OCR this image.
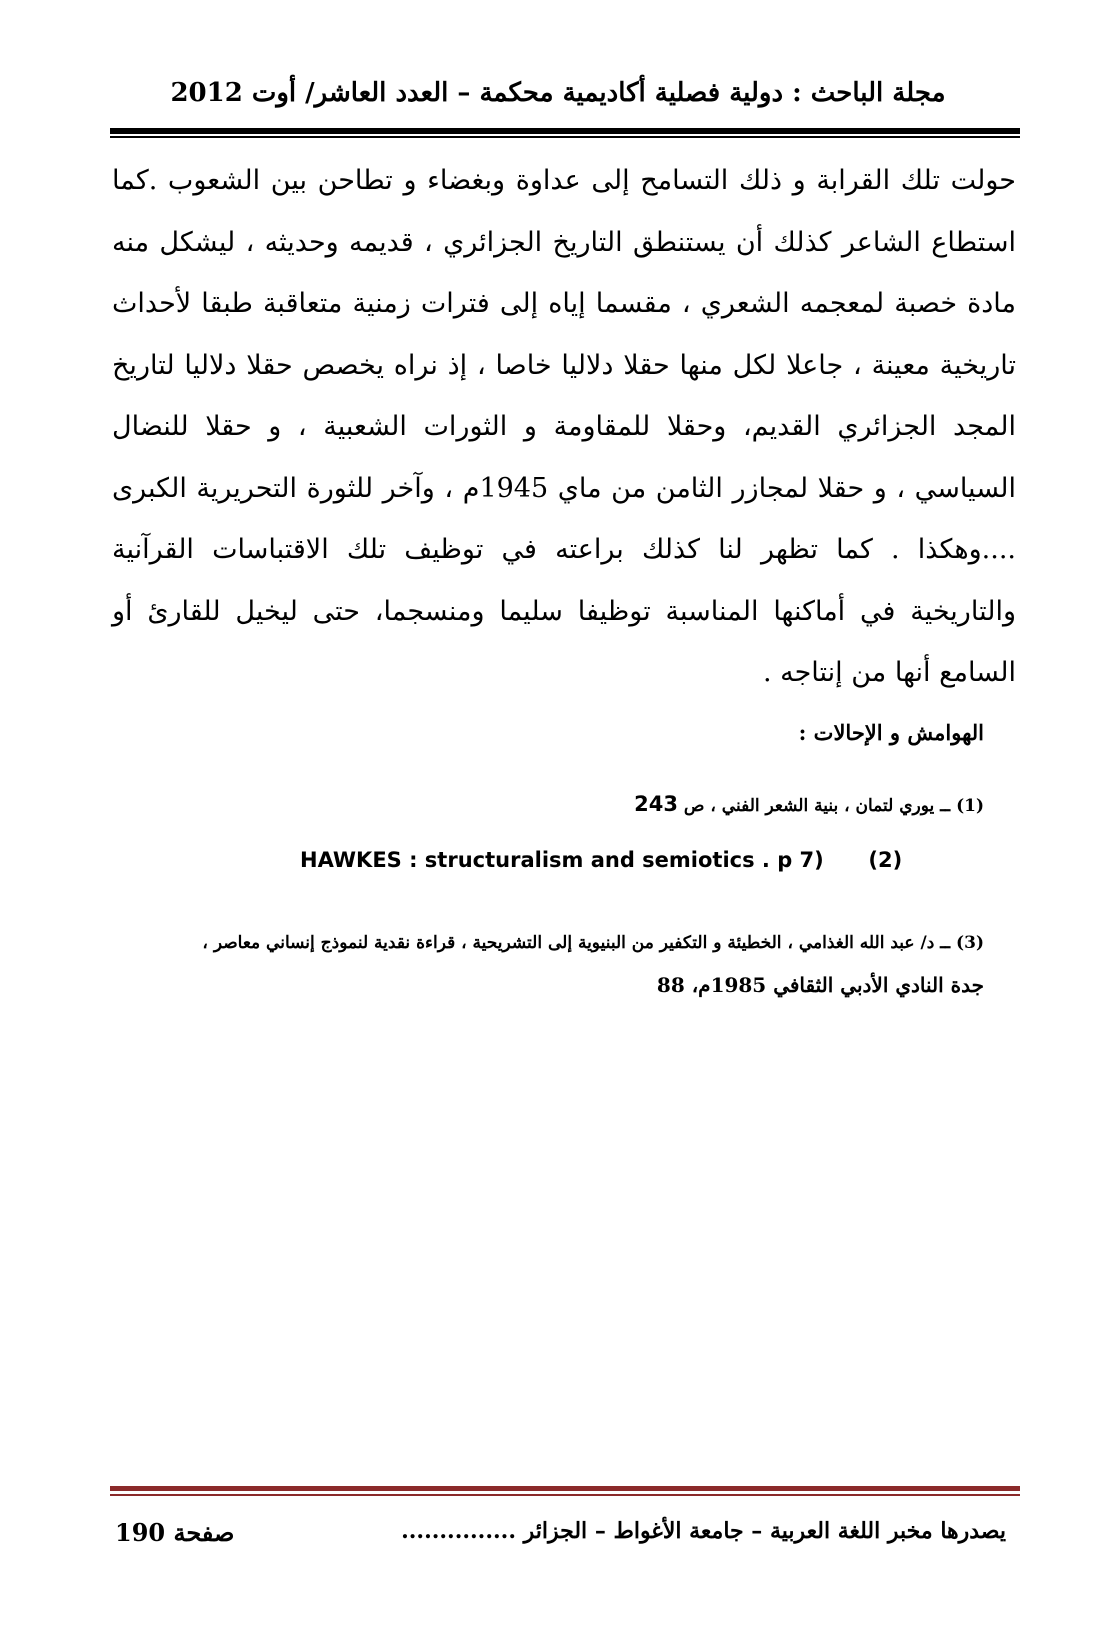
مجلة الباحث : دولية فصلية أكاديمية محكمة – العدد العاشر/ أوت 2012

حولت تلك القرابة و ذلك التسامح إلى عداوة وبغضاء و تطاحن بين الشعوب .كما استطاع الشاعر كذلك أن يستنطق التاريخ الجزائري ، قديمه وحديثه ، ليشكل منه مادة خصبة لمعجمه الشعري ، مقسما إياه إلى فترات زمنية متعاقبة طبقا لأحداث تاريخية معينة ، جاعلا لكل منها حقلا دلاليا خاصا ، إذ نراه يخصص حقلا دلاليا لتاريخ المجد الجزائري القديم، وحقلا للمقاومة و الثورات الشعبية ، و حقلا للنضال السياسي ، و حقلا لمجازر الثامن من ماي 1945م ، وآخر للثورة التحريرية الكبرى ....وهكذا . كما تظهر لنا كذلك براعته في توظيف تلك الاقتباسات القرآنية والتاريخية في أماكنها المناسبة توظيفا سليما ومنسجما، حتى ليخيل للقارئ أو السامع أنها من إنتاجه .

الهوامش و الإحالات :
(1) ــ يوري لتمان ، بنية الشعر الفني ، ص 243
HAWKES : structuralism and semiotics . p 7) (2)
(3) ــ د/ عبد الله الغذامي ، الخطيئة و التكفير من البنيوية إلى التشريحية ، قراءة نقدية لنموذج إنساني معاصر ،
جدة النادي الأدبي الثقافي 1985م، 88
يصدرها مخبر اللغة العربية – جامعة الأغواط – الجزائر ...............
صفحة 190
